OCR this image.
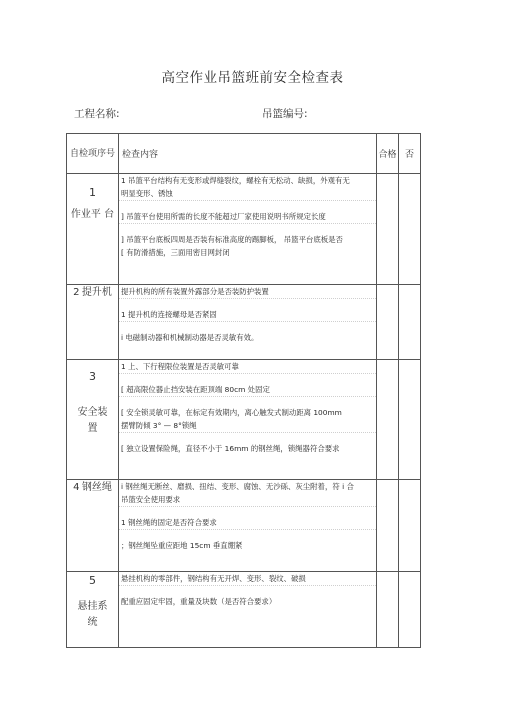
高空作业吊篮班前安全检查表
工程名称:	吊篮编号:
自检项序号	检查内容	合格	否

1
作业平 台	1 吊篮平台结构有无变形或焊缝裂纹，螺栓有无松动、缺损，外观有无
明显变形、锈蚀
] 吊篮平台使用所需的长度不能超过厂家使用说明书所规定长度
] 吊篮平台底板四周是否装有标准高度的踢脚板， 吊篮平台底板是否
[ 有防滑措施，三面用密目网封闭		

2 提升机	提升机构的所有装置外露部分是否装防护装置
1 提升机的连接螺母是否紧固
i 电磁制动器和机械制动器是否灵敏有效。		

3
安全装置	1 上、下行程限位装置是否灵敏可靠
[ 超高限位器止挡安装在距顶端 80cm 处固定
[ 安全锁灵敏可靠，在标定有效期内，离心触发式制动距离 100mm
摆臂防倾 3° — 8°锁绳
[ 独立设置保险绳，直径不小于 16mm 的钢丝绳，锁绳器符合要求		

4 钢丝绳	i 钢丝绳无断丝、磨损、扭结、变形、腐蚀、无沙砾、灰尘附着，符 i 合
吊篮安全使用要求
1 钢丝绳的固定是否符合要求
；钢丝绳坠重应距地 15cm 垂直绷紧		

5
悬挂系统	悬挂机构的零部件，钢结构有无开焊、变形、裂纹、破损
配重应固定牢固，重量及块数（是否符合要求）		
